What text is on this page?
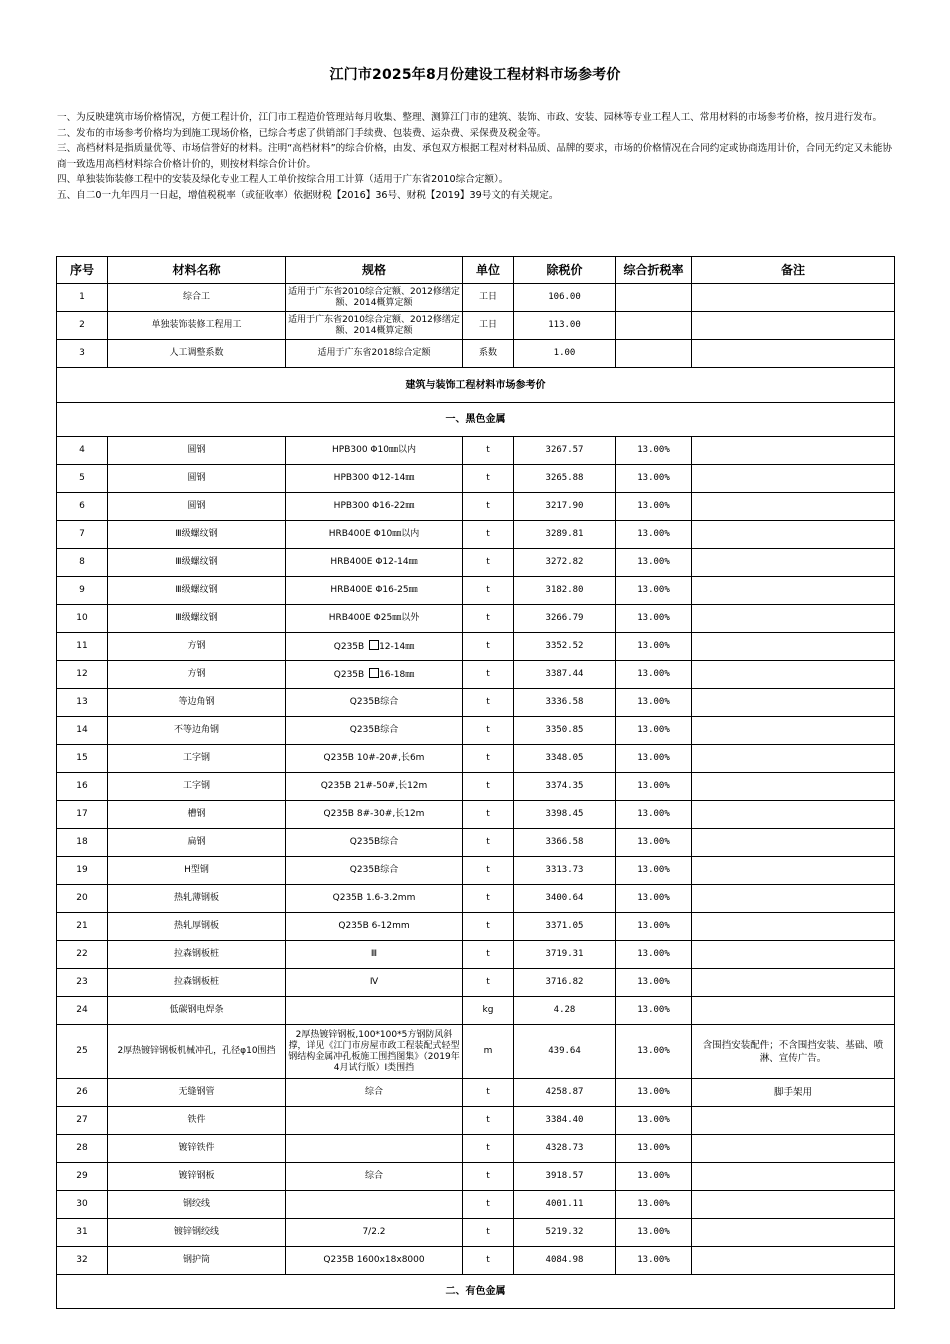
江门市2025年8月份建设工程材料市场参考价

一、为反映建筑市场价格情况，方便工程计价，江门市工程造价管理站每月收集、整理、测算江门市的建筑、装饰、市政、安装、园林等专业工程人工、常用材料的市场参考价格，按月进行发布。

二、发布的市场参考价格均为到施工现场价格，已综合考虑了供销部门手续费、包装费、运杂费、采保费及税金等。

三、高档材料是指质量优等、市场信誉好的材料。注明“高档材料”的综合价格，由发、承包双方根据工程对材料品质、品牌的要求，市场的价格情况在合同约定或协商选用计价，合同无约定又未能协商一致选用高档材料综合价格计价的，则按材料综合价计价。

四、单独装饰装修工程中的安装及绿化专业工程人工单价按综合用工计算（适用于广东省2010综合定额）。

五、自二0一九年四月一日起，增值税税率（或征收率）依据财税【2016】36号、财税【2019】39号文的有关规定。

序号	材料名称	规格	单位	除税价	综合折税率	备注
1	综合工	适用于广东省2010综合定额、2012修缮定额、2014概算定额	工日	106.00		
2	单独装饰装修工程用工	适用于广东省2010综合定额、2012修缮定额、2014概算定额	工日	113.00		
3	人工调整系数	适用于广东省2018综合定额	系数	1.00		
建筑与装饰工程材料市场参考价						
一、黑色金属						
4	圆钢	HPB300 Φ10㎜以内	t	3267.57	13.00%	
5	圆钢	HPB300 Φ12-14㎜	t	3265.88	13.00%	
6	圆钢	HPB300 Φ16-22㎜	t	3217.90	13.00%	
7	Ⅲ级螺纹钢	HRB400E Φ10㎜以内	t	3289.81	13.00%	
8	Ⅲ级螺纹钢	HRB400E Φ12-14㎜	t	3272.82	13.00%	
9	Ⅲ级螺纹钢	HRB400E Φ16-25㎜	t	3182.80	13.00%	
10	Ⅲ级螺纹钢	HRB400E Φ25㎜以外	t	3266.79	13.00%	
11	方钢	Q235B 12-14㎜	t	3352.52	13.00%	
12	方钢	Q235B 16-18㎜	t	3387.44	13.00%	
13	等边角钢	Q235B综合	t	3336.58	13.00%	
14	不等边角钢	Q235B综合	t	3350.85	13.00%	
15	工字钢	Q235B 10#-20#,长6m	t	3348.05	13.00%	
16	工字钢	Q235B 21#-50#,长12m	t	3374.35	13.00%	
17	槽钢	Q235B 8#-30#,长12m	t	3398.45	13.00%	
18	扁钢	Q235B综合	t	3366.58	13.00%	
19	H型钢	Q235B综合	t	3313.73	13.00%	
20	热轧薄钢板	Q235B 1.6-3.2mm	t	3400.64	13.00%	
21	热轧厚钢板	Q235B 6-12mm	t	3371.05	13.00%	
22	拉森钢板桩	Ⅲ	t	3719.31	13.00%	
23	拉森钢板桩	Ⅳ	t	3716.82	13.00%	
24	低碳钢电焊条		kg	4.28	13.00%	
25	2厚热镀锌钢板机械冲孔，孔径φ10围挡	2厚热镀锌钢板,100*100*5方钢防风斜撑，详见《江门市房屋市政工程装配式轻型钢结构金属冲孔板施工围挡图集》（2019年4月试行版）Ⅰ类围挡	m	439.64	13.00%	含围挡安装配件；不含围挡安装、基础、喷淋、宣传广告。
26	无缝钢管	综合	t	4258.87	13.00%	脚手架用
27	铁件		t	3384.40	13.00%	
28	镀锌铁件		t	4328.73	13.00%	
29	镀锌钢板	综合	t	3918.57	13.00%	
30	钢绞线		t	4001.11	13.00%	
31	镀锌钢绞线	7/2.2	t	5219.32	13.00%	
32	钢护筒	Q235B 1600x18x8000	t	4084.98	13.00%	
二、有色金属						
